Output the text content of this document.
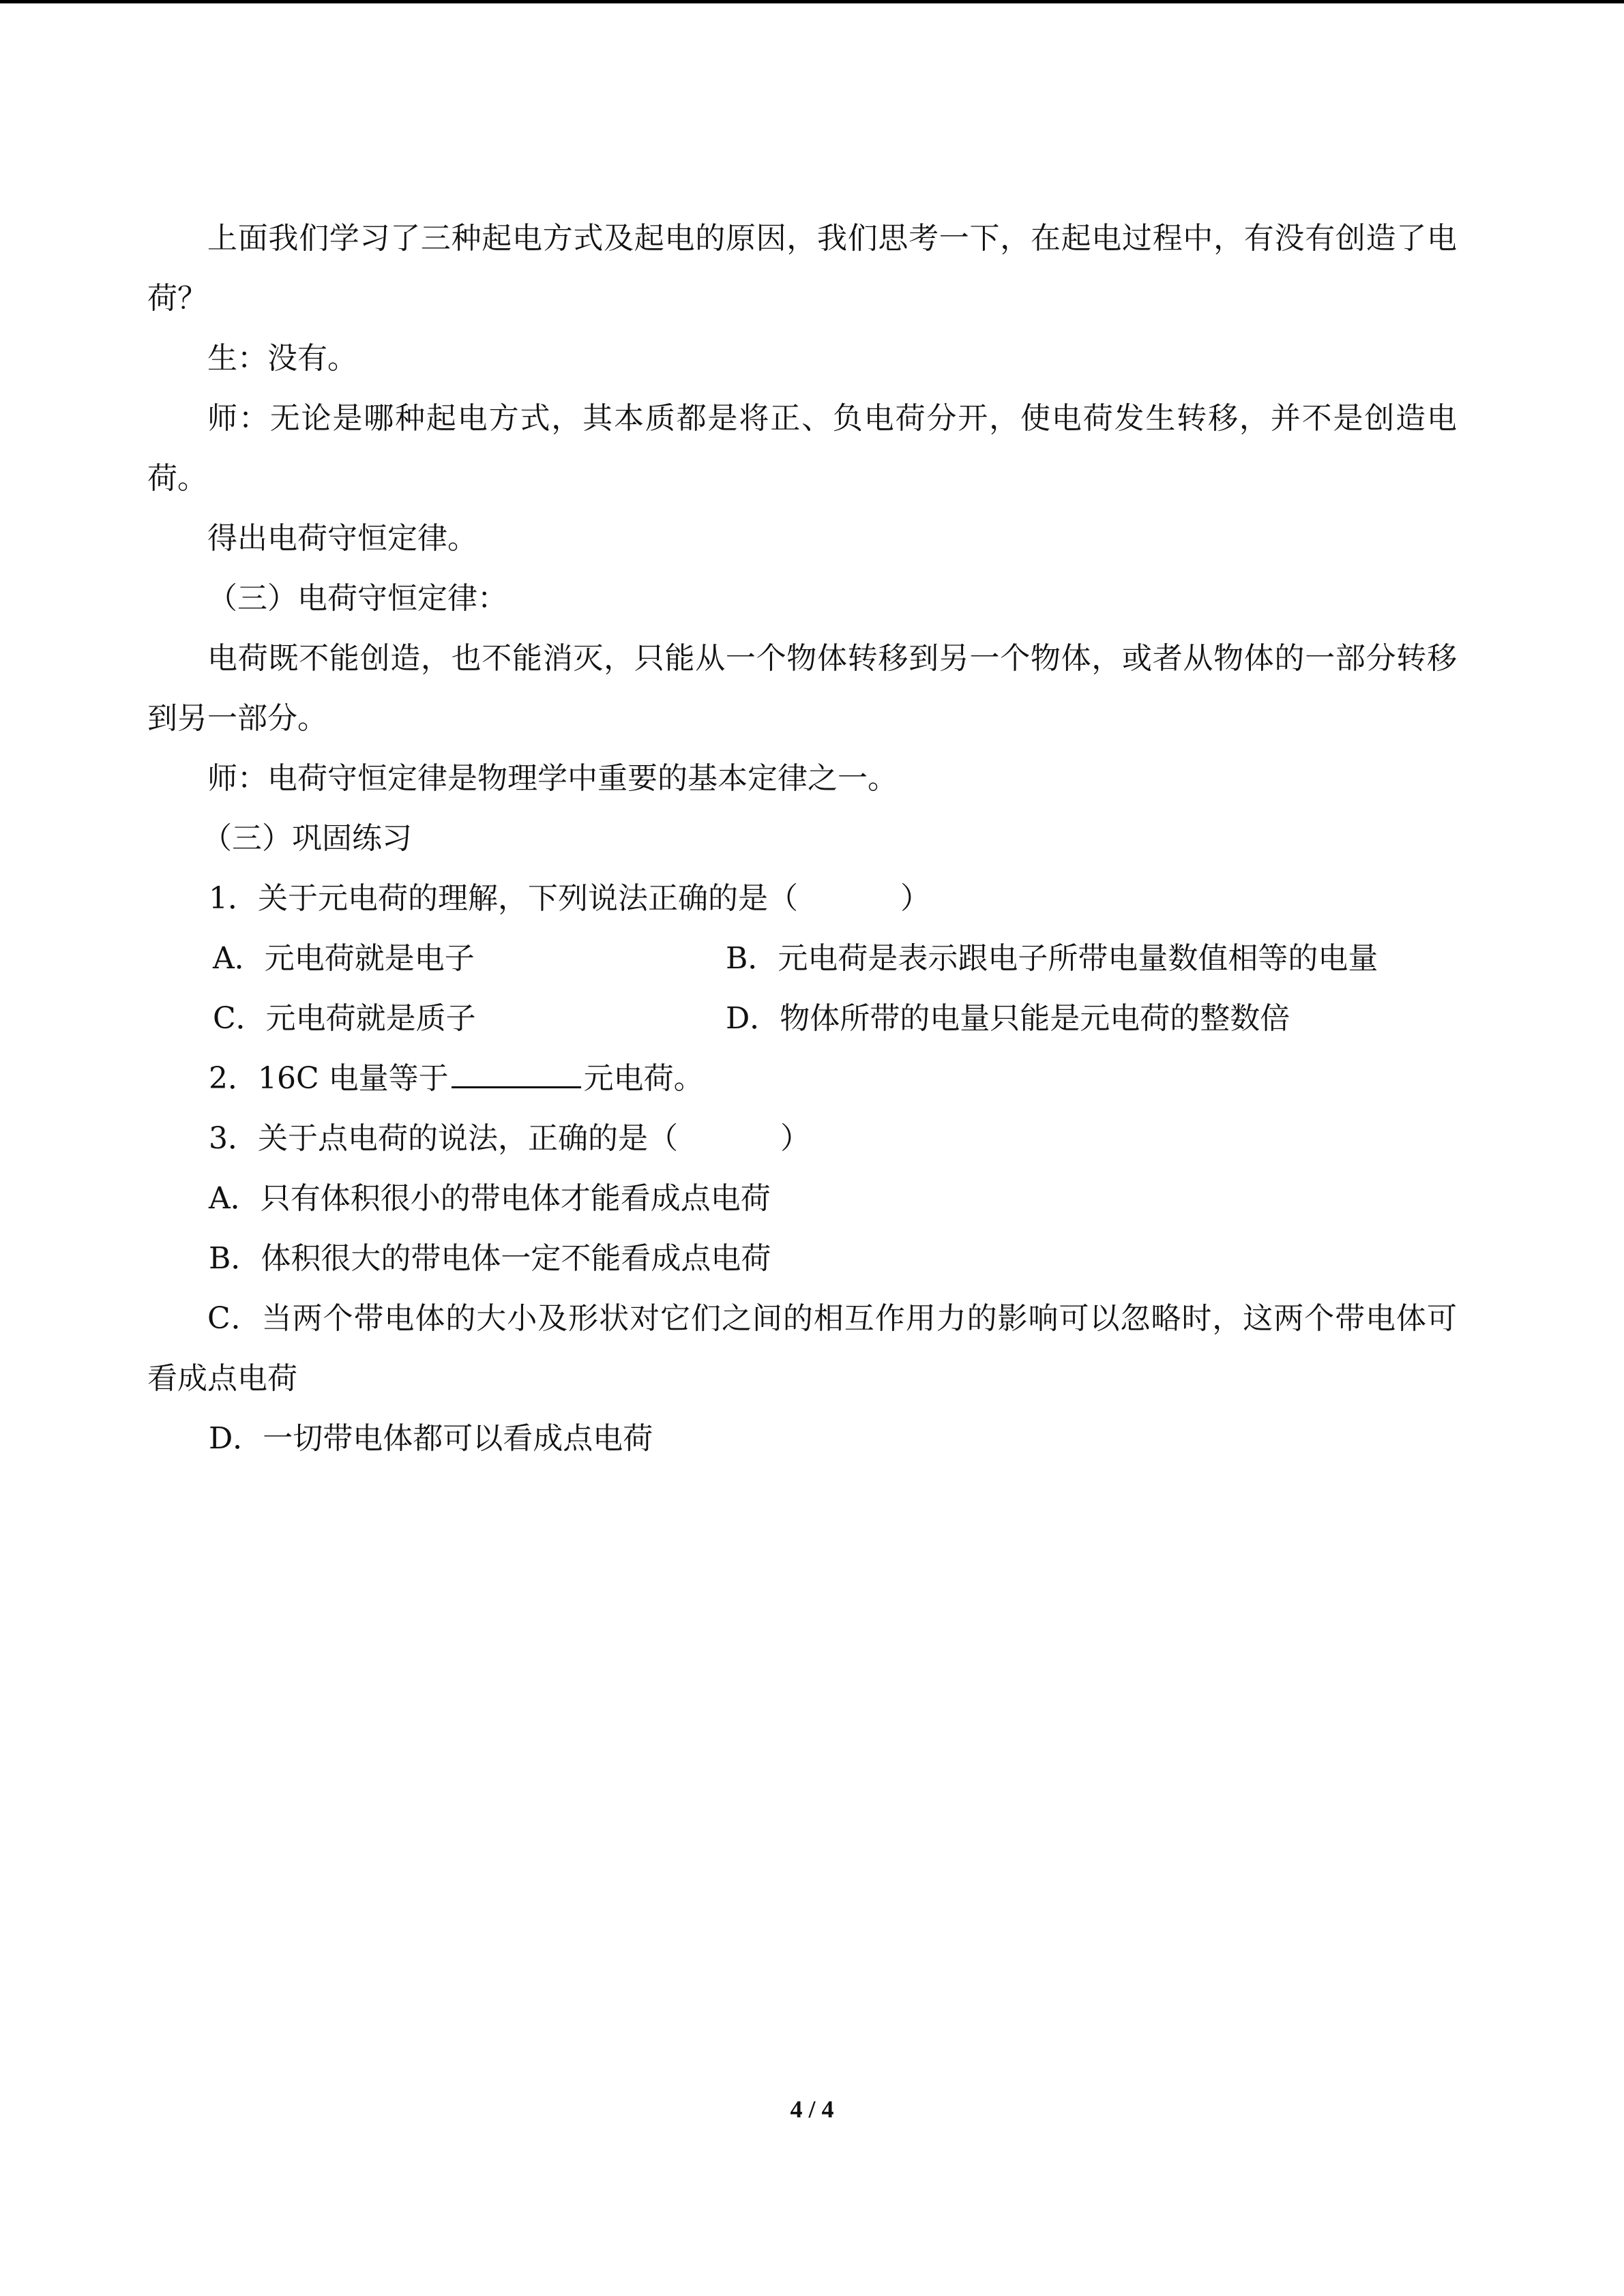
上面我们学习了三种起电方式及起电的原因，我们思考一下，在起电过程中，有没有创造了电荷？

生：没有。

师：无论是哪种起电方式，其本质都是将正、负电荷分开，使电荷发生转移，并不是创造电荷。

得出电荷守恒定律。

（三）电荷守恒定律：

电荷既不能创造，也不能消灭，只能从一个物体转移到另一个物体，或者从物体的一部分转移到另一部分。

师：电荷守恒定律是物理学中重要的基本定律之一。

（三）巩固练习

1．关于元电荷的理解，下列说法正确的是（	）

A．元电荷就是电子	B．元电荷是表示跟电子所带电量数值相等的电量
C．元电荷就是质子	D．物体所带的电量只能是元电荷的整数倍

2．16C 电量等于	元电荷。

3．关于点电荷的说法，正确的是（	）

A．只有体积很小的带电体才能看成点电荷

B．体积很大的带电体一定不能看成点电荷

C．当两个带电体的大小及形状对它们之间的相互作用力的影响可以忽略时，这两个带电体可看成点电荷

D．一切带电体都可以看成点电荷

4 / 4
